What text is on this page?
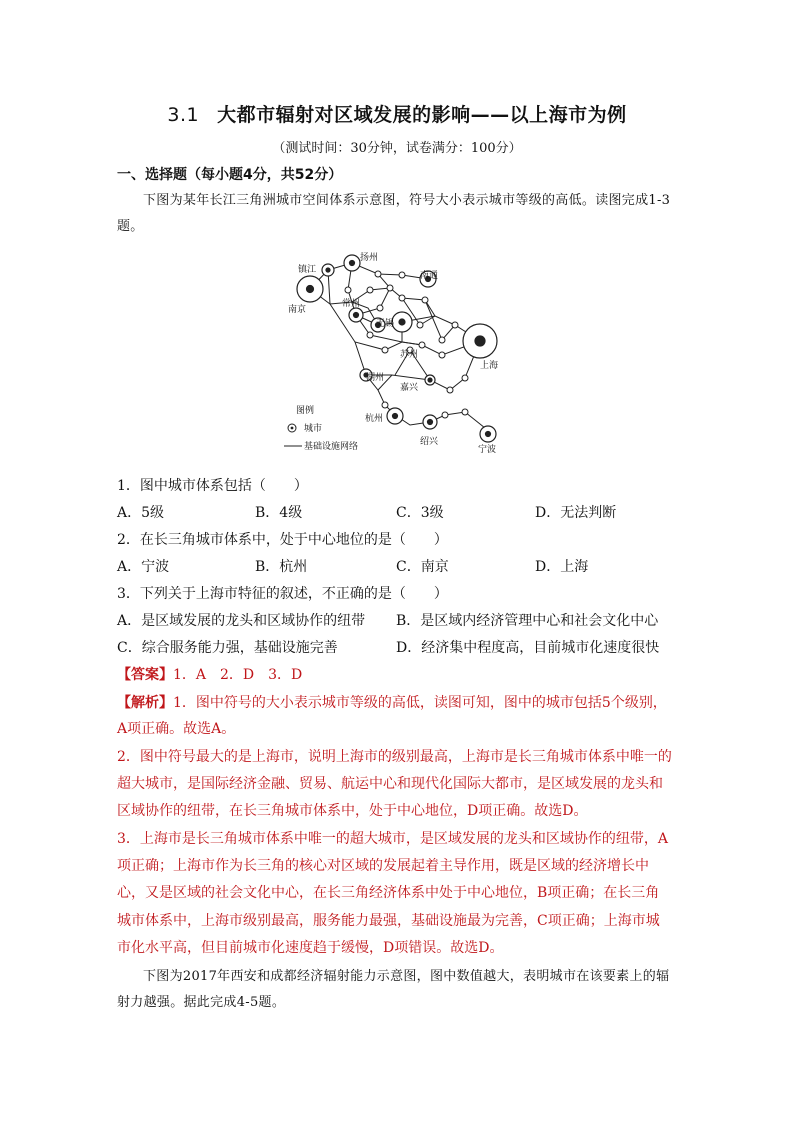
3.1 大都市辐射对区域发展的影响——以上海市为例
（测试时间：30分钟，试卷满分：100分）
一、选择题（每小题4分，共52分）
下图为某年长江三角洲城市空间体系示意图，符号大小表示城市等级的高低。读图完成1-3题。
镇江
扬州
南通
南京
常州
无锡
苏州
上海
湖州
嘉兴
杭州
绍兴
宁波
图例
城市
基础设施网络
1．图中城市体系包括（　　）
A．5级	B．4级	C．3级	D．无法判断
2．在长三角城市体系中，处于中心地位的是（　　）
A．宁波	B．杭州	C．南京	D．上海
3．下列关于上海市特征的叙述，不正确的是（　　）
A．是区域发展的龙头和区域协作的纽带 B．是区域内经济管理中心和社会文化中心
C．综合服务能力强，基础设施完善	D．经济集中程度高，目前城市化速度很快
【答案】1．A　2．D　3．D
【解析】1．图中符号的大小表示城市等级的高低，读图可知，图中的城市包括5个级别，
A项正确。故选A。
2．图中符号最大的是上海市，说明上海市的级别最高，上海市是长三角城市体系中唯一的
超大城市，是国际经济金融、贸易、航运中心和现代化国际大都市，是区域发展的龙头和
区域协作的纽带，在长三角城市体系中，处于中心地位，D项正确。故选D。
3．上海市是长三角城市体系中唯一的超大城市，是区域发展的龙头和区域协作的纽带，A
项正确；上海市作为长三角的核心对区域的发展起着主导作用，既是区域的经济增长中
心，又是区域的社会文化中心，在长三角经济体系中处于中心地位，B项正确；在长三角
城市体系中，上海市级别最高，服务能力最强，基础设施最为完善，C项正确；上海市城
市化水平高，但目前城市化速度趋于缓慢，D项错误。故选D。
下图为2017年西安和成都经济辐射能力示意图，图中数值越大，表明城市在该要素上的辐射力越强。据此完成4-5题。
